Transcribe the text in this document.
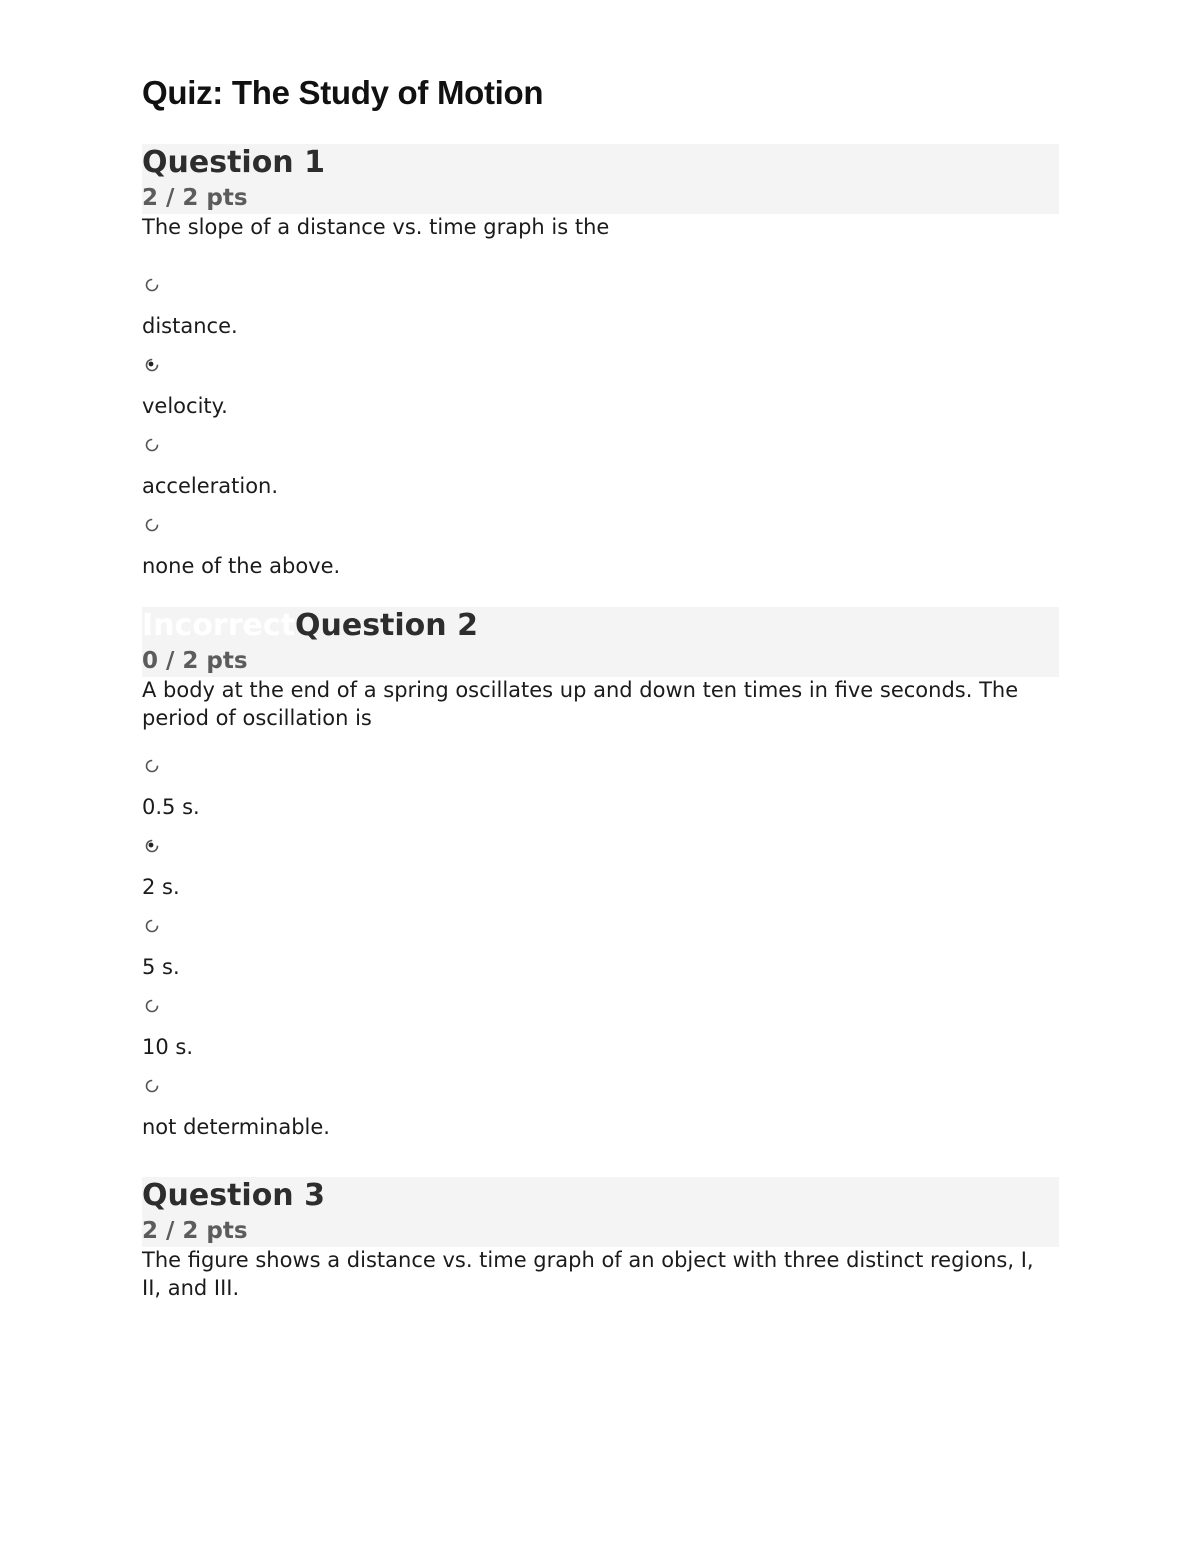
Quiz: The Study of Motion
Question 1
2 / 2 pts

The slope of a distance vs. time graph is the

distance.
velocity.
acceleration.
none of the above.
IncorrectQuestion 2
0 / 2 pts

A body at the end of a spring oscillates up and down ten times in five seconds. The period of oscillation is

0.5 s.
2 s.
5 s.
10 s.
not determinable.
Question 3
2 / 2 pts

The figure shows a distance vs. time graph of an object with three distinct regions, I, II, and III.
